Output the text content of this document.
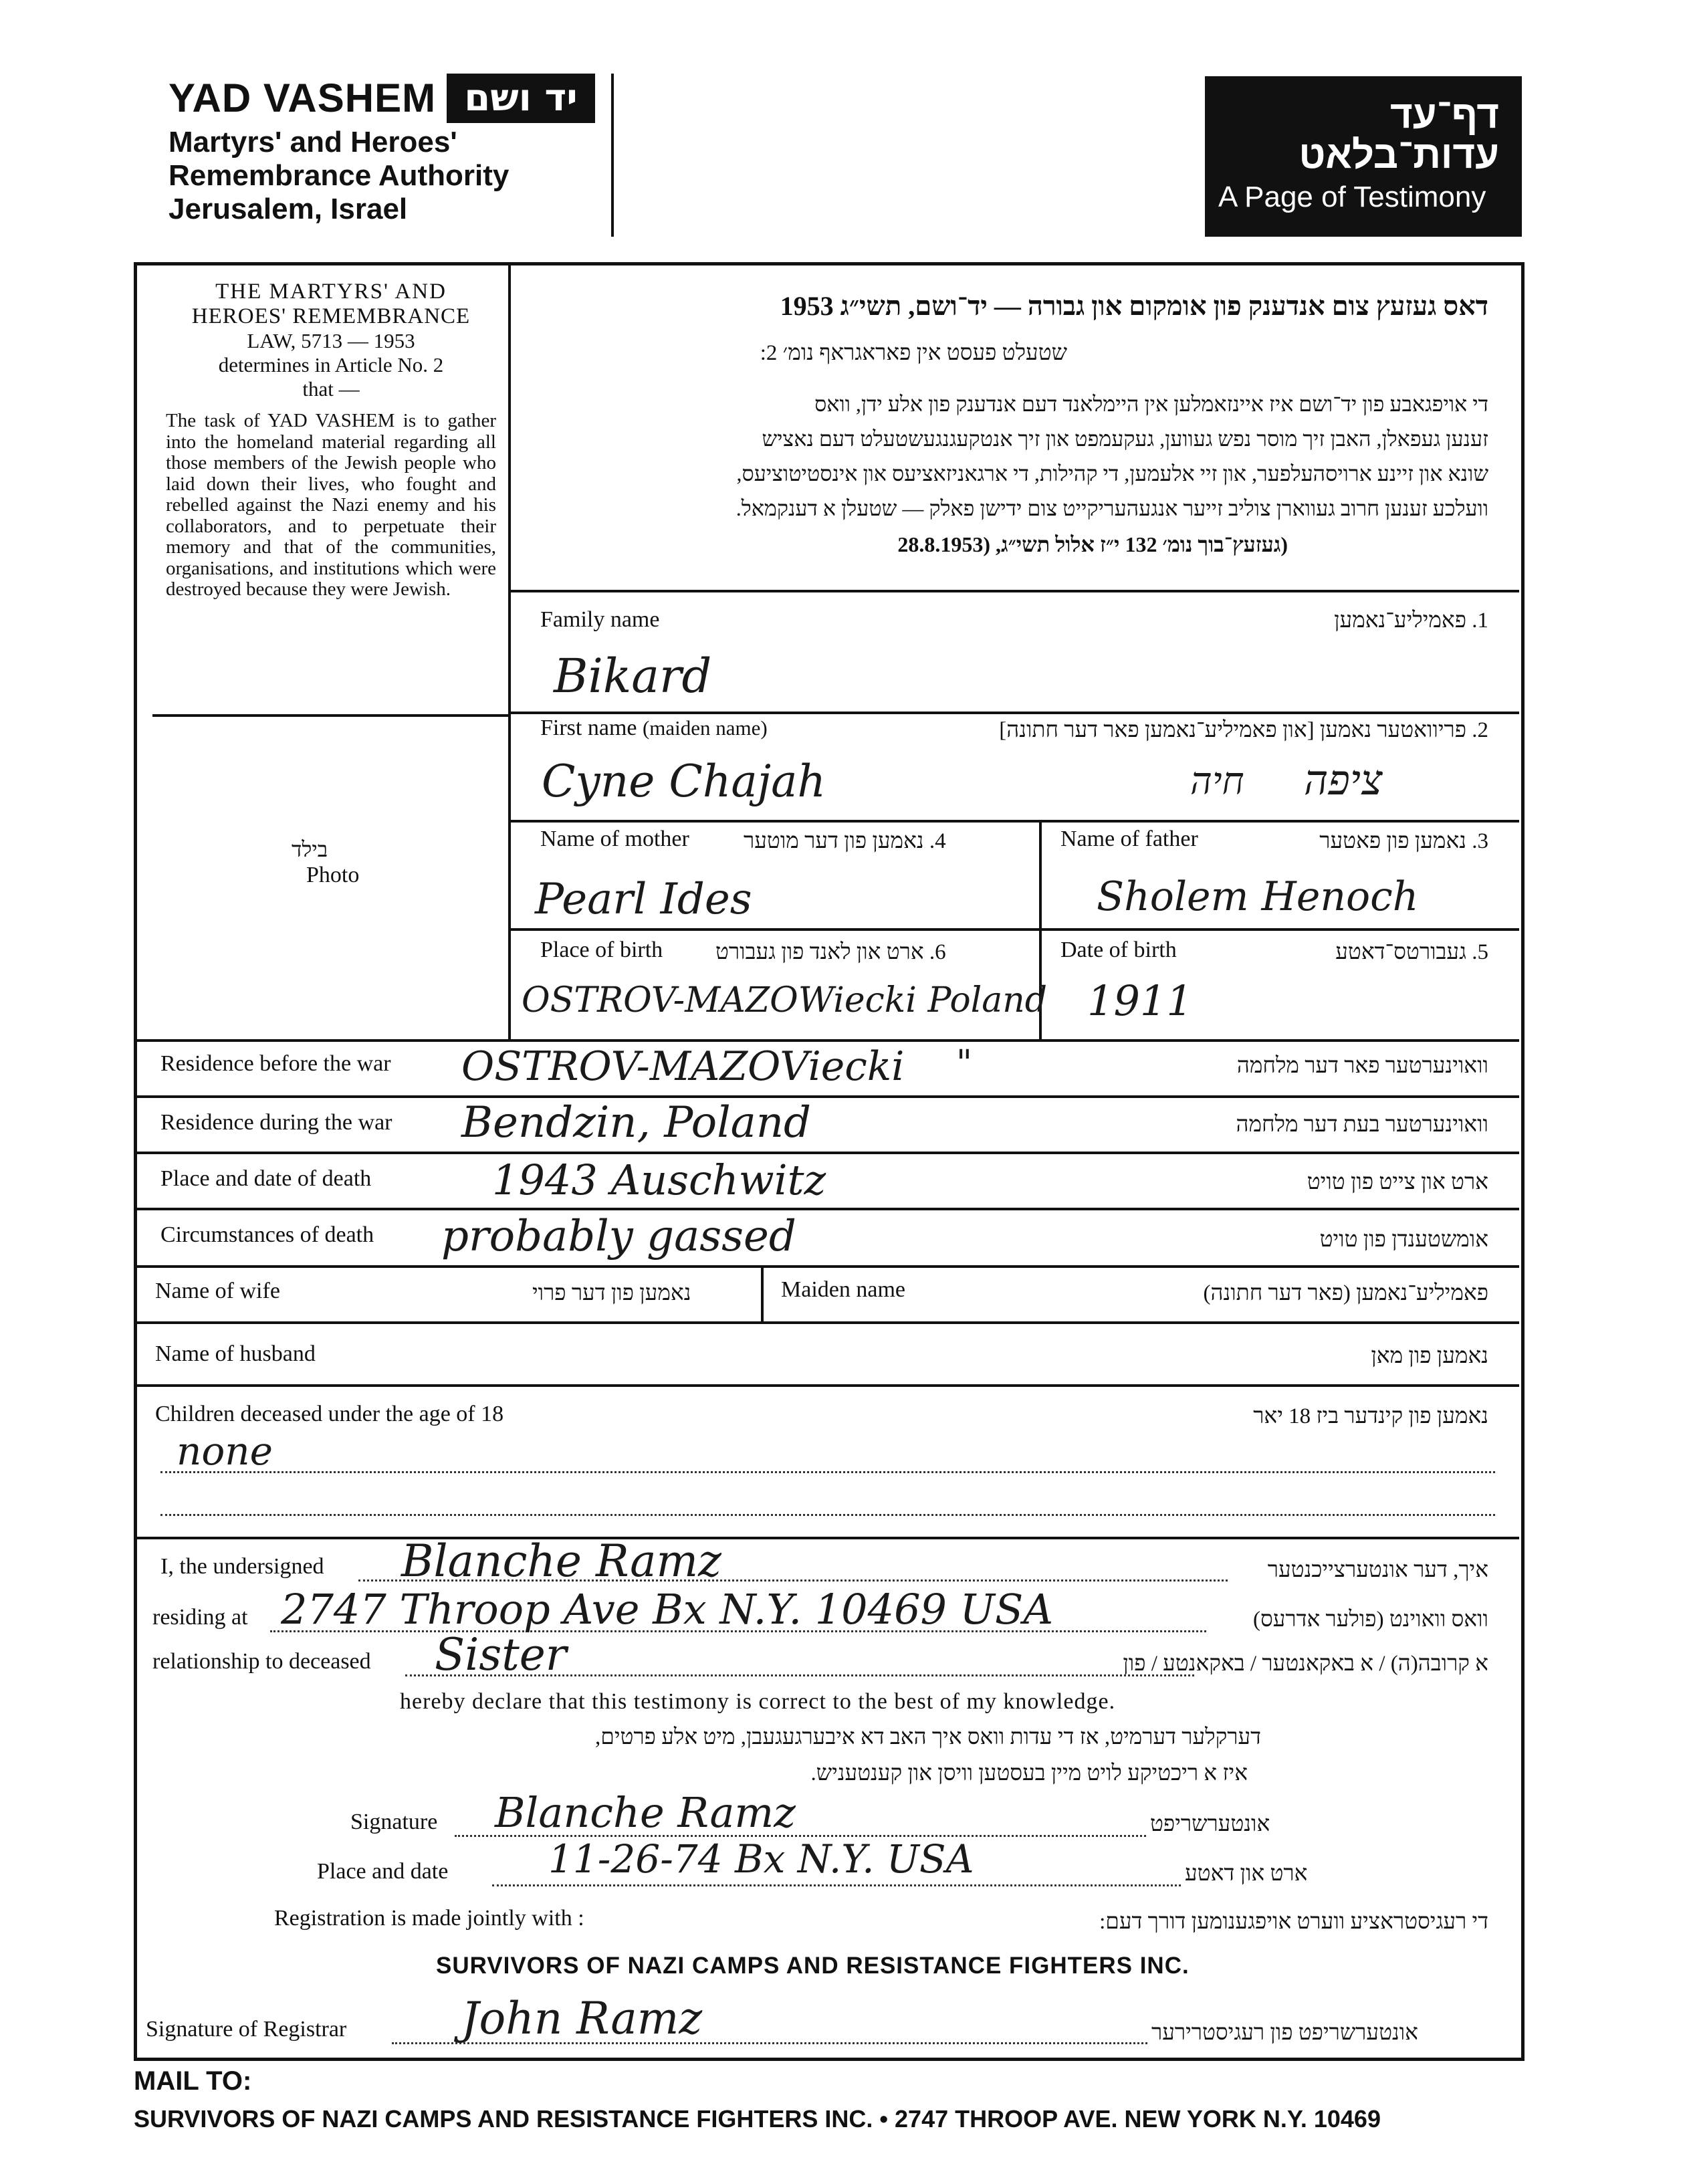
YAD VASHEM יד ושם
Martyrs' and Heroes'
Remembrance Authority
Jerusalem, Israel
דף־עד
עדות־בלאט
A Page of Testimony
THE MARTYRS' AND
HEROES' REMEMBRANCE
LAW, 5713 — 1953
determines in Article No. 2
that —
The task of YAD VASHEM is to gather into the homeland material regarding all those members of the Jewish people who laid down their lives, who fought and rebelled against the Nazi enemy and his collaborators, and to perpetuate their memory and that of the communities, organisations, and institutions which were destroyed because they were Jewish.
בילד
Photo
דאס געזעץ צום אנדענק פון אומקום און גבורה — יד־ושם, תשי״ג 1953
שטעלט פעסט אין פאראגראף נומ׳ 2:
די אויפגאבע פון יד־ושם איז איינזאמלען אין היימלאנד דעם אנדענק פון אלע ידן, וואס
זענען געפאלן, האבן זיך מוסר נפש געווען, געקעמפט און זיך אנטקעגנגעשטעלט דעם נאציש
שונא און זיינע ארויסהעלפער, און זיי אלעמען, די קהילות, די ארגאניזאציעס און אינסטיטוציעס,
וועלכע זענען חרוב געווארן צוליב זייער אנגעהעריקייט צום ידישן פאלק — שטעלן א דענקמאל.
(געזעץ־בוך נומ׳ 132 י״ז אלול תשי״ג, (28.8.1953
Family name	1. פאמיליע־נאמען
Bikard
First name (maiden name)	2. פריוואטער נאמען [און פאמיליע־נאמען פאר דער חתונה]
Cyne Chajah	חיה ציפה
Name of mother 4. נאמען פון דער מוטער
Pearl Ides
Name of father	3. נאמען פון פאטער
Sholem Henoch
Place of birth 6. ארט און לאנד פון געבורט
OSTROV-MAZOWiecki Poland
Date of birth	5. געבורטס־דאטע
1911
Residence before the war OSTROV-MAZOViecki "	וואוינערטער פאר דער מלחמה
Residence during the war Bendzin, Poland	וואוינערטער בעת דער מלחמה
Place and date of death	1943 Auschwitz	ארט און צייט פון טויט
Circumstances of death probably gassed	אומשטענדן פון טויט
Name of wife	נאמען פון דער פרוי	Maiden name	פאמיליע־נאמען (פאר דער חתונה)
Name of husband	נאמען פון מאן
Children deceased under the age of 18	נאמען פון קינדער ביז 18 יאר
none
I, the undersigned Blanche Ramz	איך, דער אונטערצייכנטער
residing at 2747 Throop Ave Bx N.Y. 10469 USA	וואס וואוינט (פולער אדרעס)
relationship to deceased Sister	א קרובה(ה) / א באקאנטער / באקאנטע / פון
hereby declare that this testimony is correct to the best of my knowledge.
דערקלער דערמיט, אז די עדות וואס איך האב דא איבערגעגעבן, מיט אלע פרטים,
איז א ריכטיקע לויט מיין בעסטען וויסן און קענטעניש.
Signature Blanche Ramz	אונטערשריפט
Place and date	11-26-74 Bx N.Y. USA	ארט און דאטע
Registration is made jointly with :	די רעגיסטראציע ווערט אויפגענומען דורך דעם:
SURVIVORS OF NAZI CAMPS AND RESISTANCE FIGHTERS INC.
Signature of Registrar	John Ramz	אונטערשריפט פון רעגיסטרירער
MAIL TO:
SURVIVORS OF NAZI CAMPS AND RESISTANCE FIGHTERS INC. • 2747 THROOP AVE. NEW YORK N.Y. 10469
